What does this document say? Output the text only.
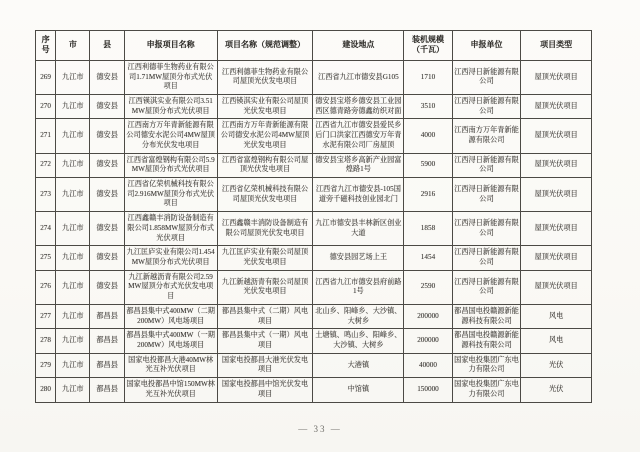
序号	市	县	申报项目名称	项目名称（规范调整）	建设地点	装机规模（千瓦）	申报单位	项目类型
269	九江市	德安县	江西利德菲生物药业有限公司1.71MW屋顶分布式光伏项目	江西利德菲生物药业有限公司屋顶光伏发电项目	江西省九江市德安县G105	1710	江西浔日新能源有限公司	屋顶光伏项目
270	九江市	德安县	江西锳淇实业有限公司3.51MW屋顶分布式光伏项目	江西锳淇实业有限公司屋顶光伏发电项目	德安县宝塔乡德安县工业园西区德青路旁德鑫纺织对面	3510	江西浔日新能源有限公司	屋顶光伏项目
271	九江市	德安县	江西南方万年青新能源有限公司德安水泥公司4MW屋顶分布光伏发电项目	江西南方万年青新能源有限公司德安水泥公司4MW屋顶光伏发电项目	江西省九江市德安县爱民乡后门口洪家江西德安万年青水泥有限公司厂房屋顶	4000	江西南方万年青新能源有限公司	屋顶光伏项目
272	九江市	德安县	江西省富煌钢构有限公司5.9MW屋顶分布式光伏项目	江西省富煌钢构有限公司屋顶光伏发电项目	德安县宝塔乡高新产业园富煌路1号	5900	江西浔日新能源有限公司	屋顶光伏项目
273	九江市	德安县	江西省亿荣机械科技有限公司2.916MW屋顶分布式光伏项目	江西省亿荣机械科技有限公司屋顶光伏发电项目	江西省九江市德安县-105国道旁千磁科技创业园北门	2916	江西浔日新能源有限公司	屋顶光伏项目
274	九江市	德安县	江西鑫赣丰消防设备制造有限公司1.858MW屋顶分布式光伏项目	江西鑫赣丰消防设备制造有限公司屋顶光伏发电项目	九江市德安县丰林新区创业大道	1858	江西浔日新能源有限公司	屋顶光伏项目
275	九江市	德安县	九江匡庐实业有限公司1.454MW屋顶分布式光伏项目	九江匡庐实业有限公司屋顶光伏发电项目	德安县园艺场上王	1454	江西浔日新能源有限公司	屋顶光伏项目
276	九江市	德安县	九江新越沥青有限公司2.59MW屋顶分布式光伏发电项目	九江新越沥青有限公司屋顶光伏发电项目	江西省九江市德安县府前路1号	2590	江西浔日新能源有限公司	屋顶光伏项目
277	九江市	都昌县	都昌县集中式400MW（二期200MW）风电场项目	都昌县集中式（二期）风电项目	北山乡、阳峰乡、大沙镇、大树乡	200000	都昌国电投赣源新能源科技有限公司	风电
278	九江市	都昌县	都昌县集中式400MW（一期200MW）风电场项目	都昌县集中式（一期）风电项目	土塘镇、鸣山乡、阳峰乡、大沙镇、大树乡	200000	都昌国电投赣源新能源科技有限公司	风电
279	九江市	都昌县	国家电投都昌大港40MW林光互补光伏项目	国家电投都昌大港光伏发电项目	大港镇	40000	国家电投集团广东电力有限公司	光伏
280	九江市	都昌县	国家电投都昌中馆150MW林光互补光伏项目	国家电投都昌中馆光伏发电项目	中馆镇	150000	国家电投集团广东电力有限公司	光伏
— 33 —
